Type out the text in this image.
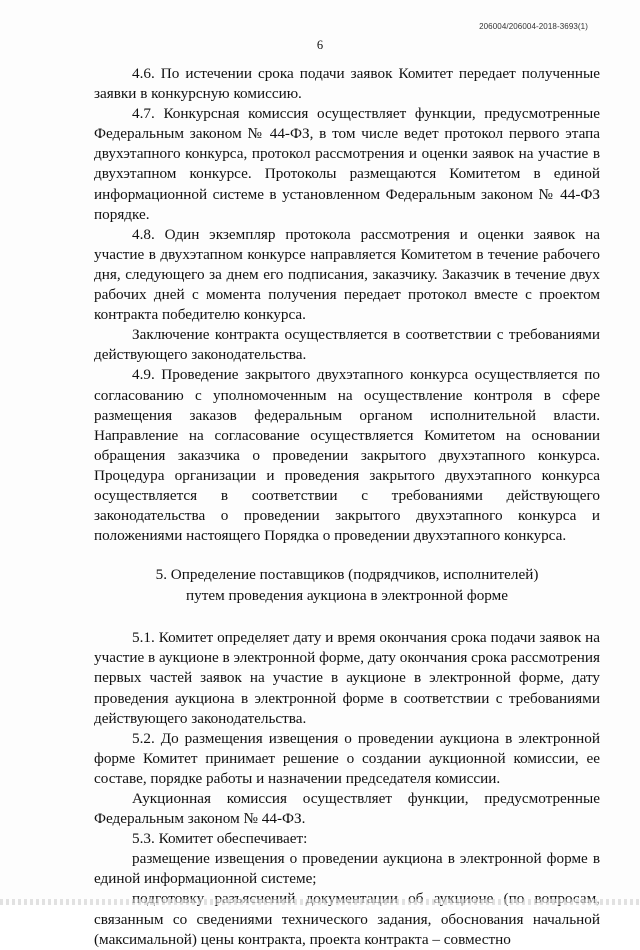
206004/206004-2018-3693(1)
6

4.6. По истечении срока подачи заявок Комитет передает полученные заявки в конкурсную комиссию.

4.7. Конкурсная комиссия осуществляет функции, предусмотренные Федеральным законом № 44-ФЗ, в том числе ведет протокол первого этапа двухэтапного конкурса, протокол рассмотрения и оценки заявок на участие в двухэтапном конкурсе. Протоколы размещаются Комитетом в единой информационной системе в установленном Федеральным законом № 44-ФЗ порядке.

4.8. Один экземпляр протокола рассмотрения и оценки заявок на участие в двухэтапном конкурсе направляется Комитетом в течение рабочего дня, следующего за днем его подписания, заказчику. Заказчик в течение двух рабочих дней с момента получения передает протокол вместе с проектом контракта победителю конкурса.

Заключение контракта осуществляется в соответствии с требованиями действующего законодательства.

4.9. Проведение закрытого двухэтапного конкурса осуществляется по согласованию с уполномоченным на осуществление контроля в сфере размещения заказов федеральным органом исполнительной власти. Направление на согласование осуществляется Комитетом на основании обращения заказчика о проведении закрытого двухэтапного конкурса. Процедура организации и проведения закрытого двухэтапного конкурса осуществляется в соответствии с требованиями действующего законодательства о проведении закрытого двухэтапного конкурса и положениями настоящего Порядка о проведении двухэтапного конкурса.

5. Определение поставщиков (подрядчиков, исполнителей)
путем проведения аукциона в электронной форме

5.1. Комитет определяет дату и время окончания срока подачи заявок на участие в аукционе в электронной форме, дату окончания срока рассмотрения первых частей заявок на участие в аукционе в электронной форме, дату проведения аукциона в электронной форме в соответствии с требованиями действующего законодательства.

5.2. До размещения извещения о проведении аукциона в электронной форме Комитет принимает решение о создании аукционной комиссии, ее составе, порядке работы и назначении председателя комиссии.

Аукционная комиссия осуществляет функции, предусмотренные Федеральным законом № 44-ФЗ.

5.3. Комитет обеспечивает:

размещение извещения о проведении аукциона в электронной форме в единой информационной системе;

связанным со сведениями технического задания, обоснования начальной (максимальной) цены контракта, проекта контракта – совместно
